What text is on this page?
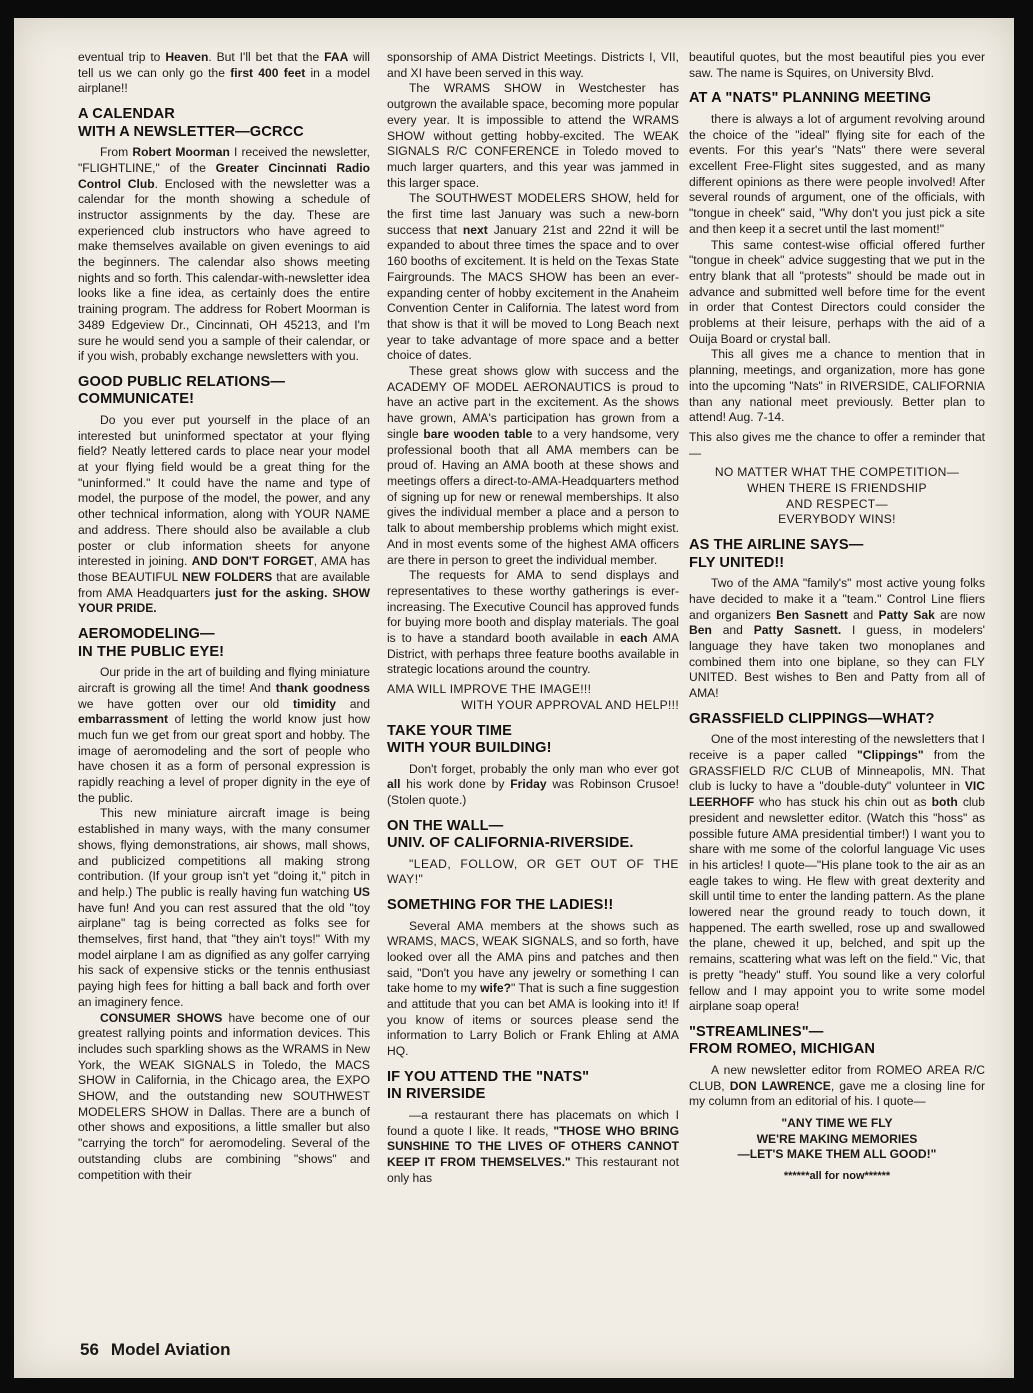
eventual trip to Heaven. But I'll bet that the FAA will tell us we can only go the first 400 feet in a model airplane!!

A CALENDAR
WITH A NEWSLETTER—GCRCC

From Robert Moorman I received the newsletter, "FLIGHTLINE," of the Greater Cincinnati Radio Control Club. Enclosed with the newsletter was a calendar for the month showing a schedule of instructor assignments by the day. These are experienced club instructors who have agreed to make themselves available on given evenings to aid the beginners. The calendar also shows meeting nights and so forth. This calendar-with-newsletter idea looks like a fine idea, as certainly does the entire training program. The address for Robert Moorman is 3489 Edgeview Dr., Cincinnati, OH 45213, and I'm sure he would send you a sample of their calendar, or if you wish, probably exchange newsletters with you.

GOOD PUBLIC RELATIONS—
COMMUNICATE!

Do you ever put yourself in the place of an interested but uninformed spectator at your flying field? Neatly lettered cards to place near your model at your flying field would be a great thing for the "uninformed." It could have the name and type of model, the purpose of the model, the power, and any other technical information, along with YOUR NAME and address. There should also be available a club poster or club information sheets for anyone interested in joining. AND DON'T FORGET, AMA has those BEAUTIFUL NEW FOLDERS that are available from AMA Headquarters just for the asking. SHOW YOUR PRIDE.

AEROMODELING—
IN THE PUBLIC EYE!

Our pride in the art of building and flying miniature aircraft is growing all the time! And thank goodness we have gotten over our old timidity and embarrassment of letting the world know just how much fun we get from our great sport and hobby. The image of aeromodeling and the sort of people who have chosen it as a form of personal expression is rapidly reaching a level of proper dignity in the eye of the public.

This new miniature aircraft image is being established in many ways, with the many consumer shows, flying demonstrations, air shows, mall shows, and publicized competitions all making strong contribution. (If your group isn't yet "doing it," pitch in and help.) The public is really having fun watching US have fun! And you can rest assured that the old "toy airplane" tag is being corrected as folks see for themselves, first hand, that "they ain't toys!" With my model airplane I am as dignified as any golfer carrying his sack of expensive sticks or the tennis enthusiast paying high fees for hitting a ball back and forth over an imaginery fence.

CONSUMER SHOWS have become one of our greatest rallying points and information devices. This includes such sparkling shows as the WRAMS in New York, the WEAK SIGNALS in Toledo, the MACS SHOW in California, in the Chicago area, the EXPO SHOW, and the outstanding new SOUTHWEST MODELERS SHOW in Dallas. There are a bunch of other shows and expositions, a little smaller but also "carrying the torch" for aeromodeling. Several of the outstanding clubs are combining "shows" and competition with their

sponsorship of AMA District Meetings. Districts I, VII, and XI have been served in this way.

The WRAMS SHOW in Westchester has outgrown the available space, becoming more popular every year. It is impossible to attend the WRAMS SHOW without getting hobby-excited. The WEAK SIGNALS R/C CONFERENCE in Toledo moved to much larger quarters, and this year was jammed in this larger space.

The SOUTHWEST MODELERS SHOW, held for the first time last January was such a new-born success that next January 21st and 22nd it will be expanded to about three times the space and to over 160 booths of excitement. It is held on the Texas State Fairgrounds. The MACS SHOW has been an ever-expanding center of hobby excitement in the Anaheim Convention Center in California. The latest word from that show is that it will be moved to Long Beach next year to take advantage of more space and a better choice of dates.

These great shows glow with success and the ACADEMY OF MODEL AERONAUTICS is proud to have an active part in the excitement. As the shows have grown, AMA's participation has grown from a single bare wooden table to a very handsome, very professional booth that all AMA members can be proud of. Having an AMA booth at these shows and meetings offers a direct-to-AMA-Headquarters method of signing up for new or renewal memberships. It also gives the individual member a place and a person to talk to about membership problems which might exist. And in most events some of the highest AMA officers are there in person to greet the individual member.

The requests for AMA to send displays and representatives to these worthy gatherings is ever-increasing. The Executive Council has approved funds for buying more booth and display materials. The goal is to have a standard booth available in each AMA District, with perhaps three feature booths available in strategic locations around the country.

AMA WILL IMPROVE THE IMAGE!!!

WITH YOUR APPROVAL AND HELP!!!

TAKE YOUR TIME
WITH YOUR BUILDING!

Don't forget, probably the only man who ever got all his work done by Friday was Robinson Crusoe! (Stolen quote.)

ON THE WALL—
UNIV. OF CALIFORNIA-RIVERSIDE.

"LEAD, FOLLOW, OR GET OUT OF THE WAY!"

SOMETHING FOR THE LADIES!!

Several AMA members at the shows such as WRAMS, MACS, WEAK SIGNALS, and so forth, have looked over all the AMA pins and patches and then said, "Don't you have any jewelry or something I can take home to my wife?" That is such a fine suggestion and attitude that you can bet AMA is looking into it! If you know of items or sources please send the information to Larry Bolich or Frank Ehling at AMA HQ.

IF YOU ATTEND THE "NATS"
IN RIVERSIDE

—a restaurant there has placemats on which I found a quote I like. It reads, "THOSE WHO BRING SUNSHINE TO THE LIVES OF OTHERS CANNOT KEEP IT FROM THEMSELVES." This restaurant not only has

beautiful quotes, but the most beautiful pies you ever saw. The name is Squires, on University Blvd.

AT A "NATS" PLANNING MEETING

there is always a lot of argument revolving around the choice of the "ideal" flying site for each of the events. For this year's "Nats" there were several excellent Free-Flight sites suggested, and as many different opinions as there were people involved! After several rounds of argument, one of the officials, with "tongue in cheek" said, "Why don't you just pick a site and then keep it a secret until the last moment!"

This same contest-wise official offered further "tongue in cheek" advice suggesting that we put in the entry blank that all "protests" should be made out in advance and submitted well before time for the event in order that Contest Directors could consider the problems at their leisure, perhaps with the aid of a Ouija Board or crystal ball.

This all gives me a chance to mention that in planning, meetings, and organization, more has gone into the upcoming "Nats" in RIVERSIDE, CALIFORNIA than any national meet previously. Better plan to attend! Aug. 7-14.

This also gives me the chance to offer a reminder that—

NO MATTER WHAT THE COMPETITION—
WHEN THERE IS FRIENDSHIP
AND RESPECT—
EVERYBODY WINS!
AS THE AIRLINE SAYS—
FLY UNITED!!

Two of the AMA "family's" most active young folks have decided to make it a "team." Control Line fliers and organizers Ben Sasnett and Patty Sak are now Ben and Patty Sasnett. I guess, in modelers' language they have taken two monoplanes and combined them into one biplane, so they can FLY UNITED. Best wishes to Ben and Patty from all of AMA!

GRASSFIELD CLIPPINGS—WHAT?

One of the most interesting of the newsletters that I receive is a paper called "Clippings" from the GRASSFIELD R/C CLUB of Minneapolis, MN. That club is lucky to have a "double-duty" volunteer in VIC LEERHOFF who has stuck his chin out as both club president and newsletter editor. (Watch this "hoss" as possible future AMA presidential timber!) I want you to share with me some of the colorful language Vic uses in his articles! I quote—"His plane took to the air as an eagle takes to wing. He flew with great dexterity and skill until time to enter the landing pattern. As the plane lowered near the ground ready to touch down, it happened. The earth swelled, rose up and swallowed the plane, chewed it up, belched, and spit up the remains, scattering what was left on the field." Vic, that is pretty "heady" stuff. You sound like a very colorful fellow and I may appoint you to write some model airplane soap opera!

"STREAMLINES"—
FROM ROMEO, MICHIGAN

A new newsletter editor from ROMEO AREA R/C CLUB, DON LAWRENCE, gave me a closing line for my column from an editorial of his. I quote—

"ANY TIME WE FLY
WE'RE MAKING MEMORIES
—LET'S MAKE THEM ALL GOOD!"
******all for now******
56 Model Aviation
